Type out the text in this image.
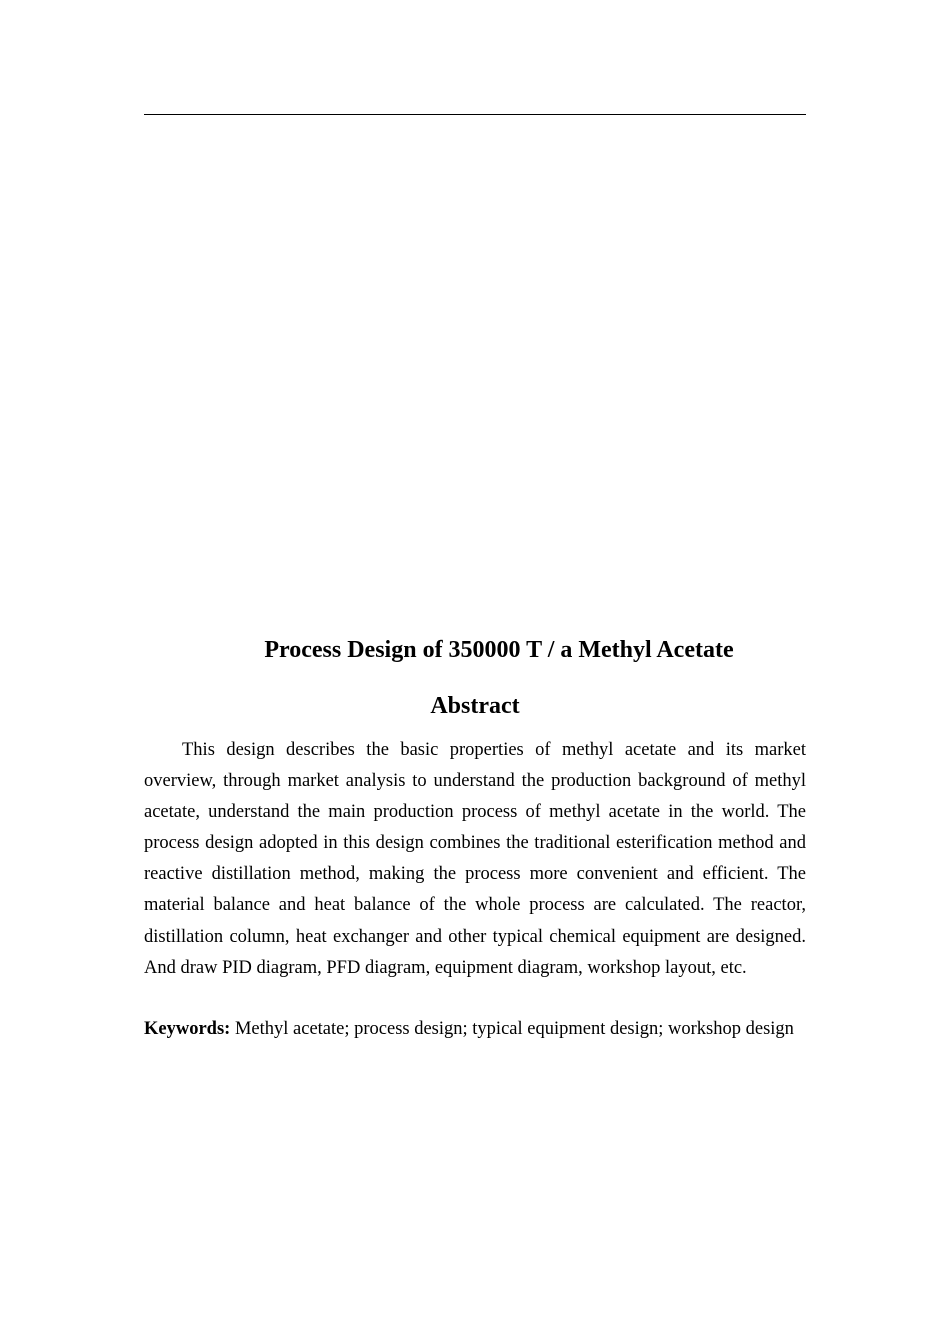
Process Design of 350000 T / a Methyl Acetate
Abstract

This design describes the basic properties of methyl acetate and its market overview, through market analysis to understand the production background of methyl acetate, understand the main production process of methyl acetate in the world. The process design adopted in this design combines the traditional esterification method and reactive distillation method, making the process more convenient and efficient. The material balance and heat balance of the whole process are calculated. The reactor, distillation column, heat exchanger and other typical chemical equipment are designed. And draw PID diagram, PFD diagram, equipment diagram, workshop layout, etc.

Keywords: Methyl acetate; process design; typical equipment design; workshop design
